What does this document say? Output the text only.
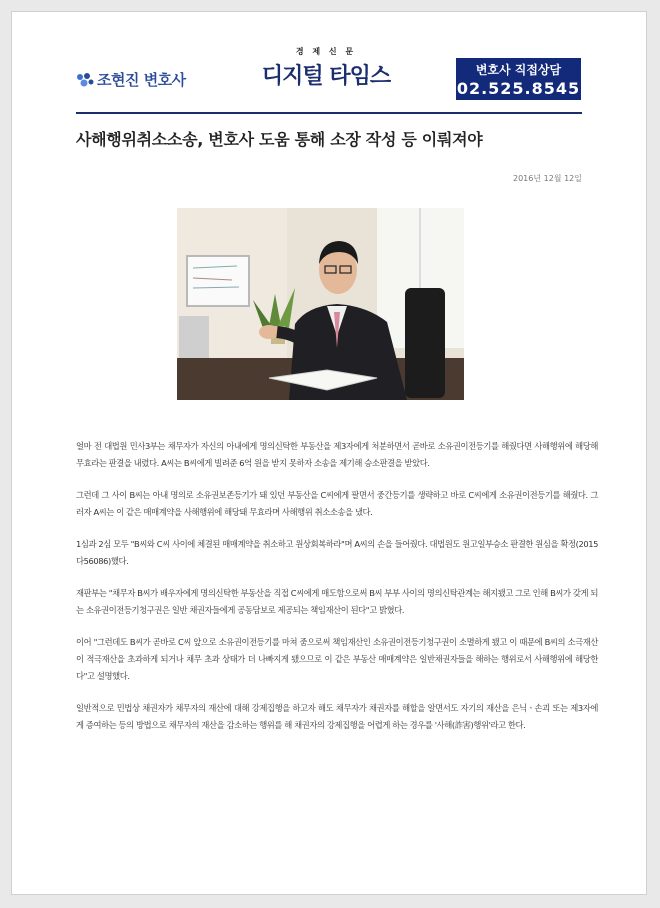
조현진 변호사
경 제 신 문
디지털 타임스	변호사 직접상담
02.525.8545
사해행위취소소송, 변호사 도움 통해 소장 작성 등 이뤄져야
2016년 12월 12일

얼마 전 대법원 민사3부는 채무자가 자신의 아내에게 명의신탁한 부동산을 제3자에게 처분하면서 곧바로 소유권이전등기를 해줬다면 사해행위에 해당해 무효라는 판결을 내렸다. A씨는 B씨에게 빌려준 6억 원을 받지 못하자 소송을 제기해 승소판결을 받았다.

그런데 그 사이 B씨는 아내 명의로 소유권보존등기가 돼 있던 부동산을 C씨에게 팔면서 중간등기를 생략하고 바로 C씨에게 소유권이전등기를 해줬다. 그러자 A씨는 이 같은 매매계약을 사해행위에 해당돼 무효라며 사해행위 취소소송을 냈다.

1심과 2심 모두 "B씨와 C씨 사이에 체결된 매매계약을 취소하고 원상회복하라"며 A씨의 손을 들어줬다. 대법원도 원고일부승소 판결한 원심을 확정(2015다56086)했다.

재판부는 "채무자 B씨가 배우자에게 명의신탁한 부동산을 직접 C씨에게 매도함으로써 B씨 부부 사이의 명의신탁관계는 해지됐고 그로 인해 B씨가 갖게 되는 소유권이전등기청구권은 일반 채권자들에게 공동담보로 제공되는 책임재산이 된다"고 밝혔다.

이어 "그런데도 B씨가 곧바로 C씨 앞으로 소유권이전등기를 마쳐 줌으로써 책임재산인 소유권이전등기청구권이 소멸하게 됐고 이 때문에 B씨의 소극재산이 적극재산을 초과하게 되거나 채무 초과 상태가 더 나빠지게 됐으므로 이 같은 부동산 매매계약은 일반채권자들을 해하는 행위로서 사해행위에 해당한다"고 설명했다.

일반적으로 민법상 채권자가 채무자의 재산에 대해 강제집행을 하고자 해도 채무자가 채권자를 해할을 알면서도 자기의 재산을 은닉ㆍ손괴 또는 제3자에게 증여하는 등의 방법으로 채무자의 재산을 감소하는 행위를 해 채권자의 강제집행을 어렵게 하는 경우를 '사해(詐害)행위'라고 한다.
